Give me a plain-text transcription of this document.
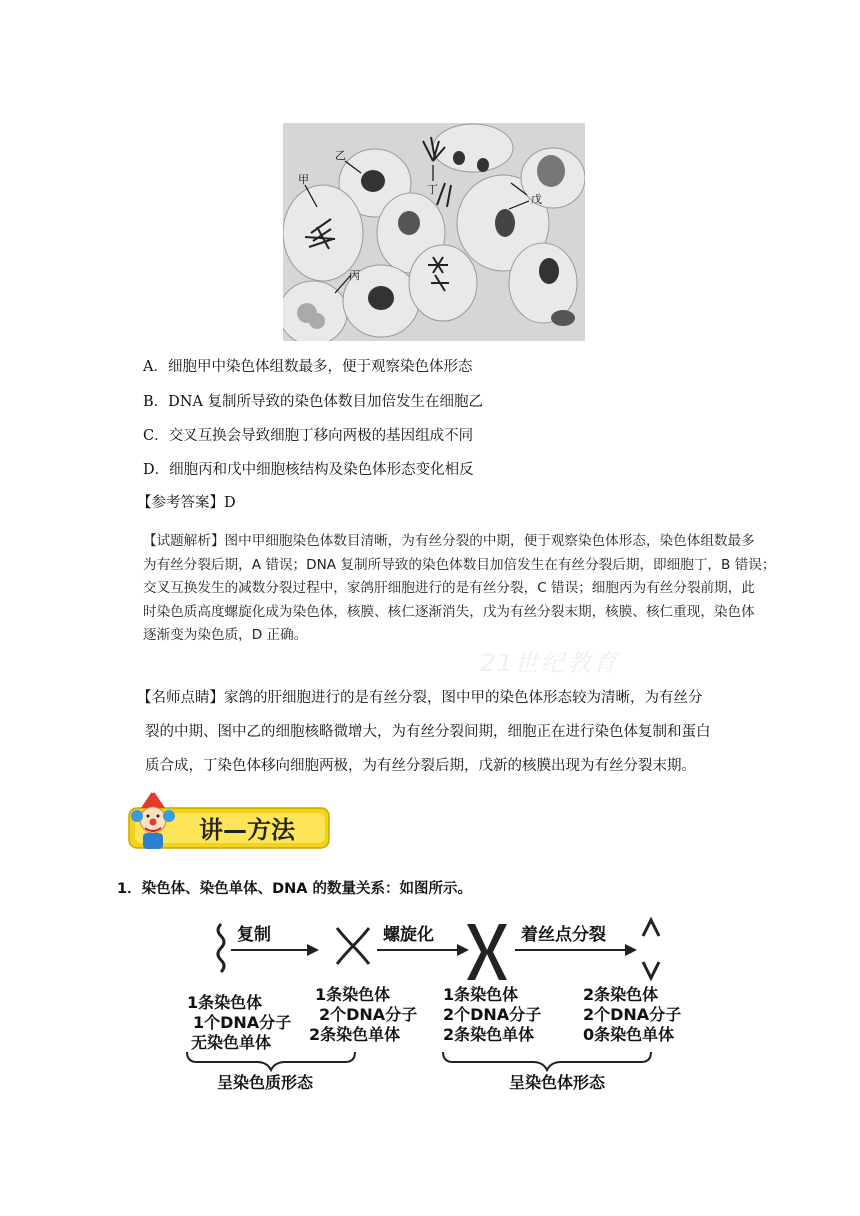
乙
甲
丙
丁
戊
A．细胞甲中染色体组数最多，便于观察染色体形态
B．DNA 复制所导致的染色体数目加倍发生在细胞乙
C．交叉互换会导致细胞丁移向两极的基因组成不同
D．细胞丙和戊中细胞核结构及染色体形态变化相反
【参考答案】D
21世纪教育

【试题解析】图中甲细胞染色体数目清晰，为有丝分裂的中期，便于观察染色体形态，染色体组数最多

为有丝分裂后期，A 错误；DNA 复制所导致的染色体数目加倍发生在有丝分裂后期，即细胞丁，B 错误；

交叉互换发生的减数分裂过程中，家鸽肝细胞进行的是有丝分裂，C 错误；细胞丙为有丝分裂前期，此

时染色质高度螺旋化成为染色体，核膜、核仁逐渐消失，戊为有丝分裂末期，核膜、核仁重现，染色体

逐渐变为染色质，D 正确。

【名师点睛】家鸽的肝细胞进行的是有丝分裂，图中甲的染色体形态较为清晰，为有丝分

裂的中期、图中乙的细胞核略微增大，为有丝分裂间期，细胞正在进行染色体复制和蛋白

质合成，丁染色体移向细胞两极，为有丝分裂后期，戊新的核膜出现为有丝分裂末期。

讲—方法
1．染色体、染色单体、DNA 的数量关系：如图所示。
复制	螺旋化	着丝点分裂
1条染色体
1个DNA分子
无染色单体
1条染色体
2个DNA分子
2条染色单体
1条染色体
2个DNA分子
2条染色单体
2条染色体
2个DNA分子
0条染色单体
呈染色质形态	呈染色体形态
